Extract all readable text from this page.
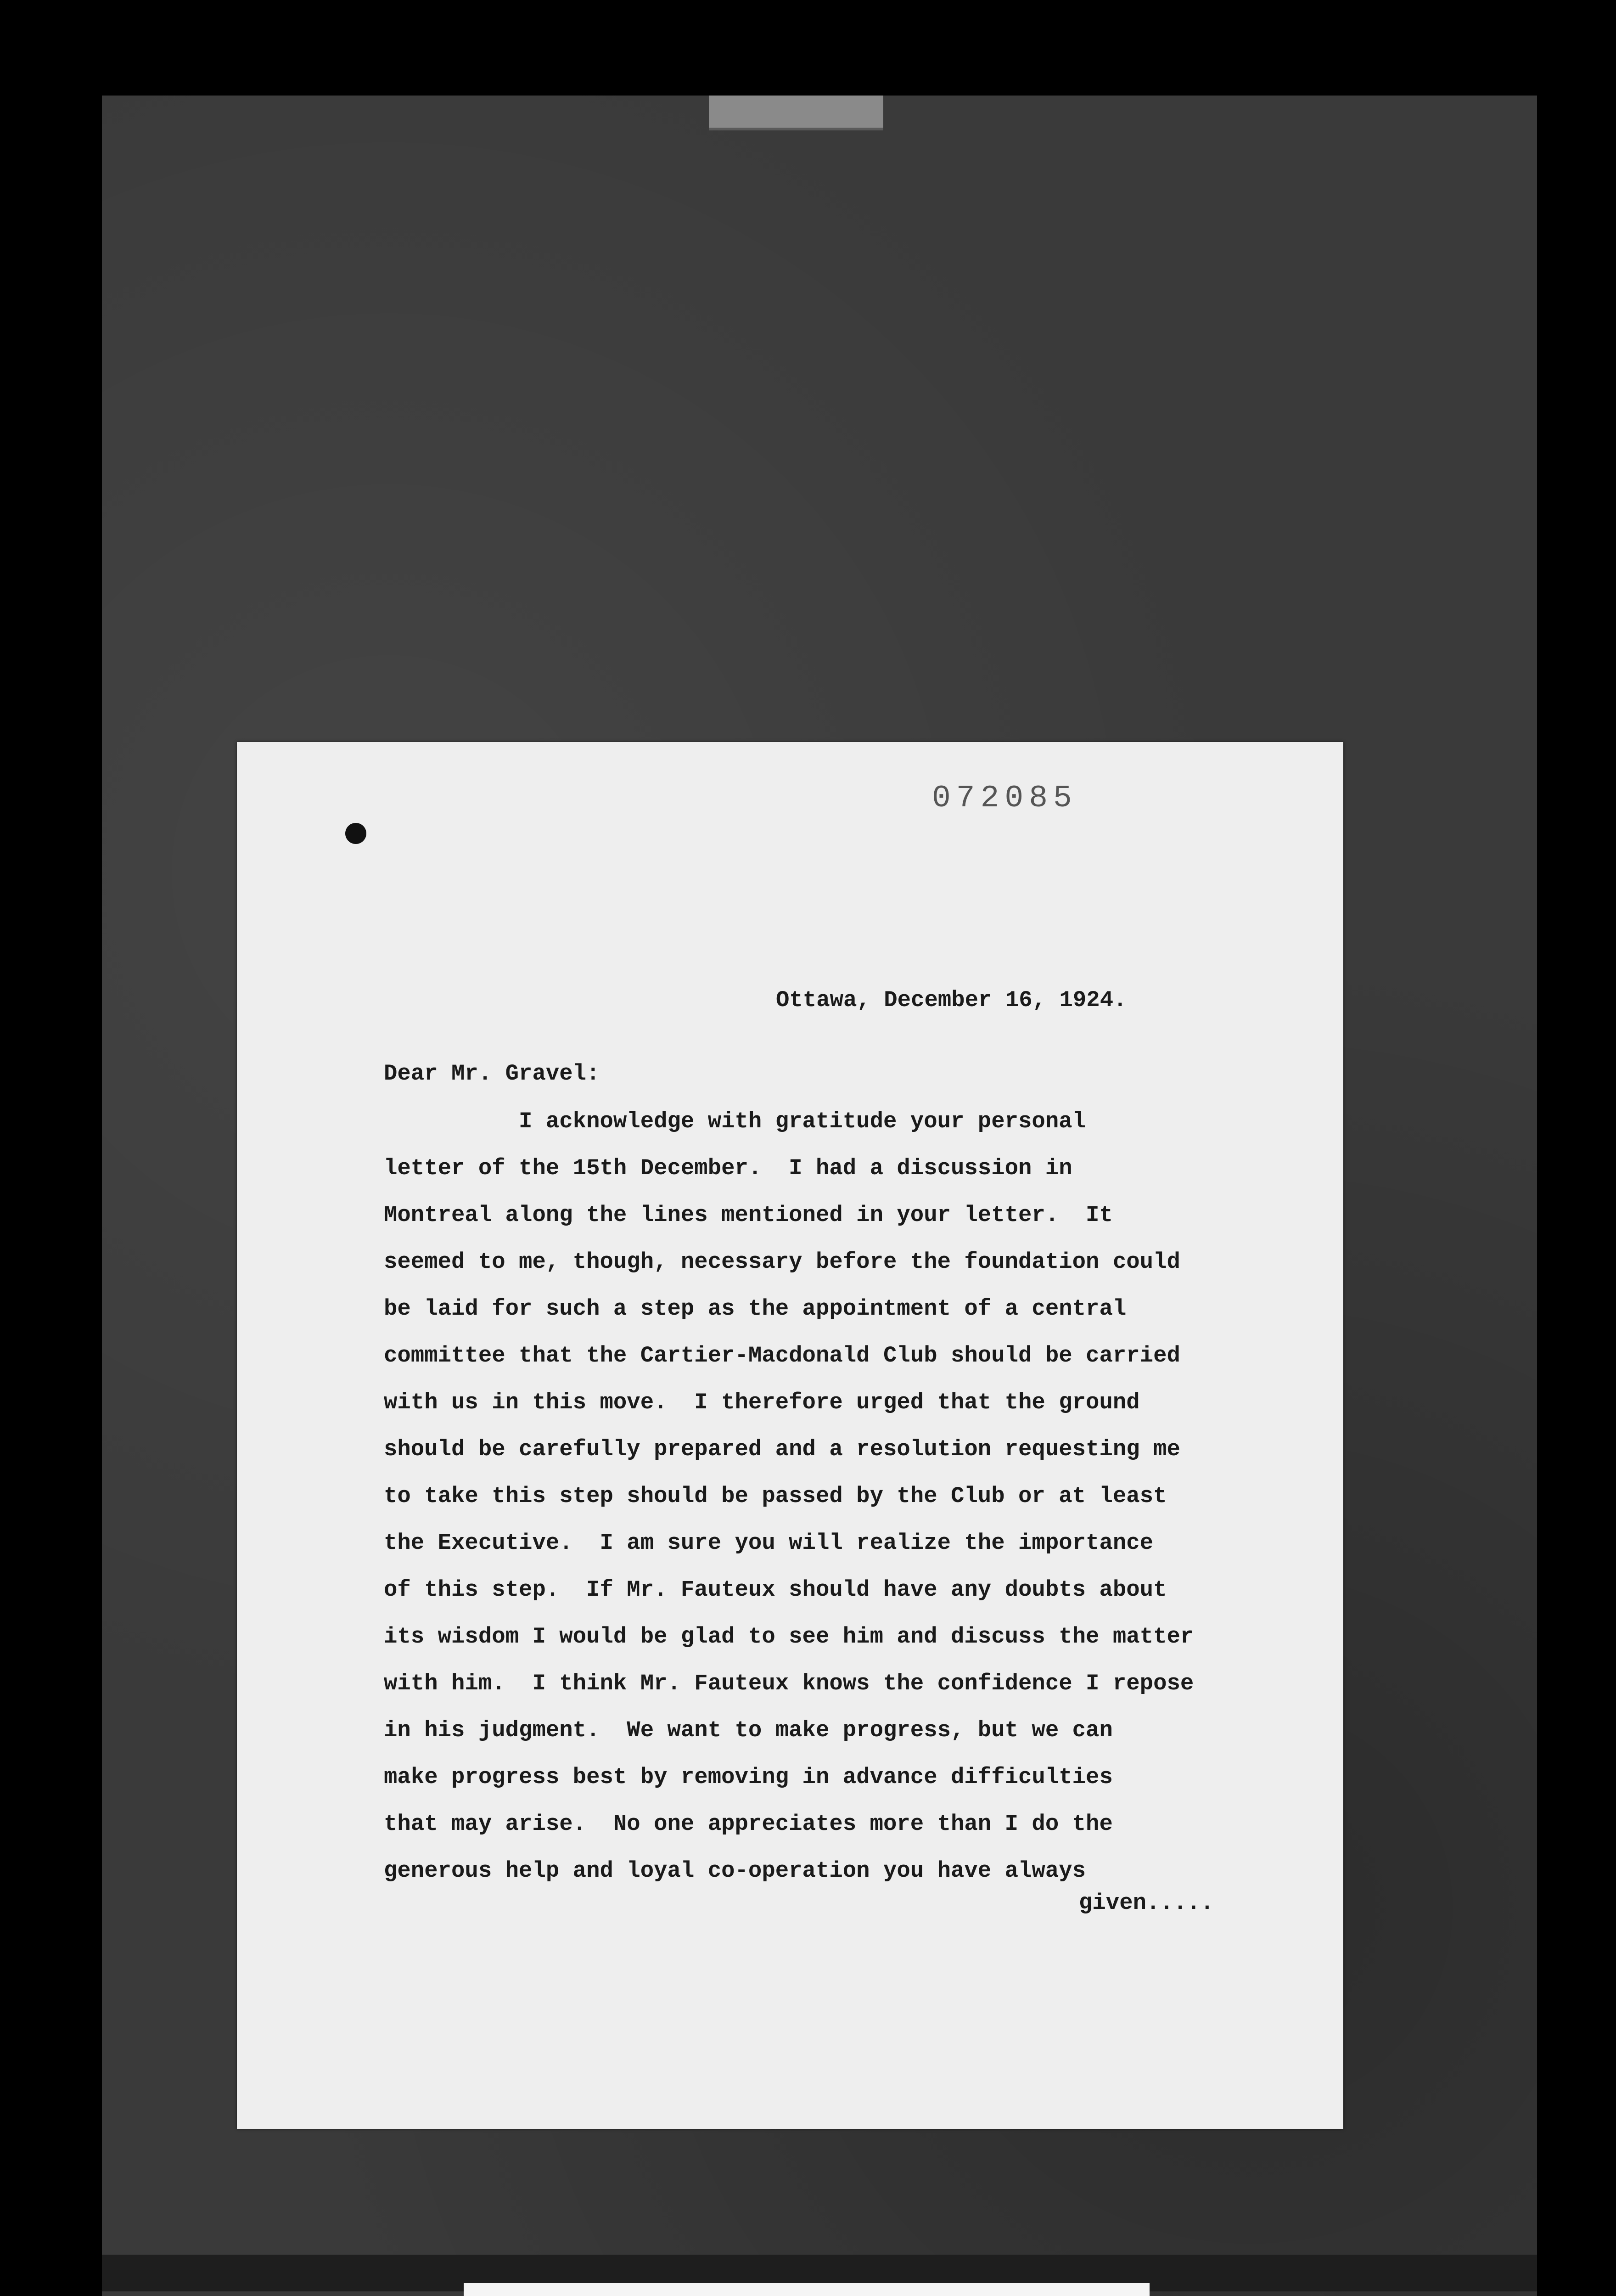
072085
Ottawa, December 16, 1924.
Dear Mr. Gravel:
I acknowledge with gratitude your personal
letter of the 15th December.  I had a discussion in
Montreal along the lines mentioned in your letter.  It
seemed to me, though, necessary before the foundation could
be laid for such a step as the appointment of a central
committee that the Cartier-Macdonald Club should be carried
with us in this move.  I therefore urged that the ground
should be carefully prepared and a resolution requesting me
to take this step should be passed by the Club or at least
the Executive.  I am sure you will realize the importance
of this step.  If Mr. Fauteux should have any doubts about
its wisdom I would be glad to see him and discuss the matter
with him.  I think Mr. Fauteux knows the confidence I repose
in his judgment.  We want to make progress, but we can
make progress best by removing in advance difficulties
that may arise.  No one appreciates more than I do the
generous help and loyal co-operation you have always
given.....
